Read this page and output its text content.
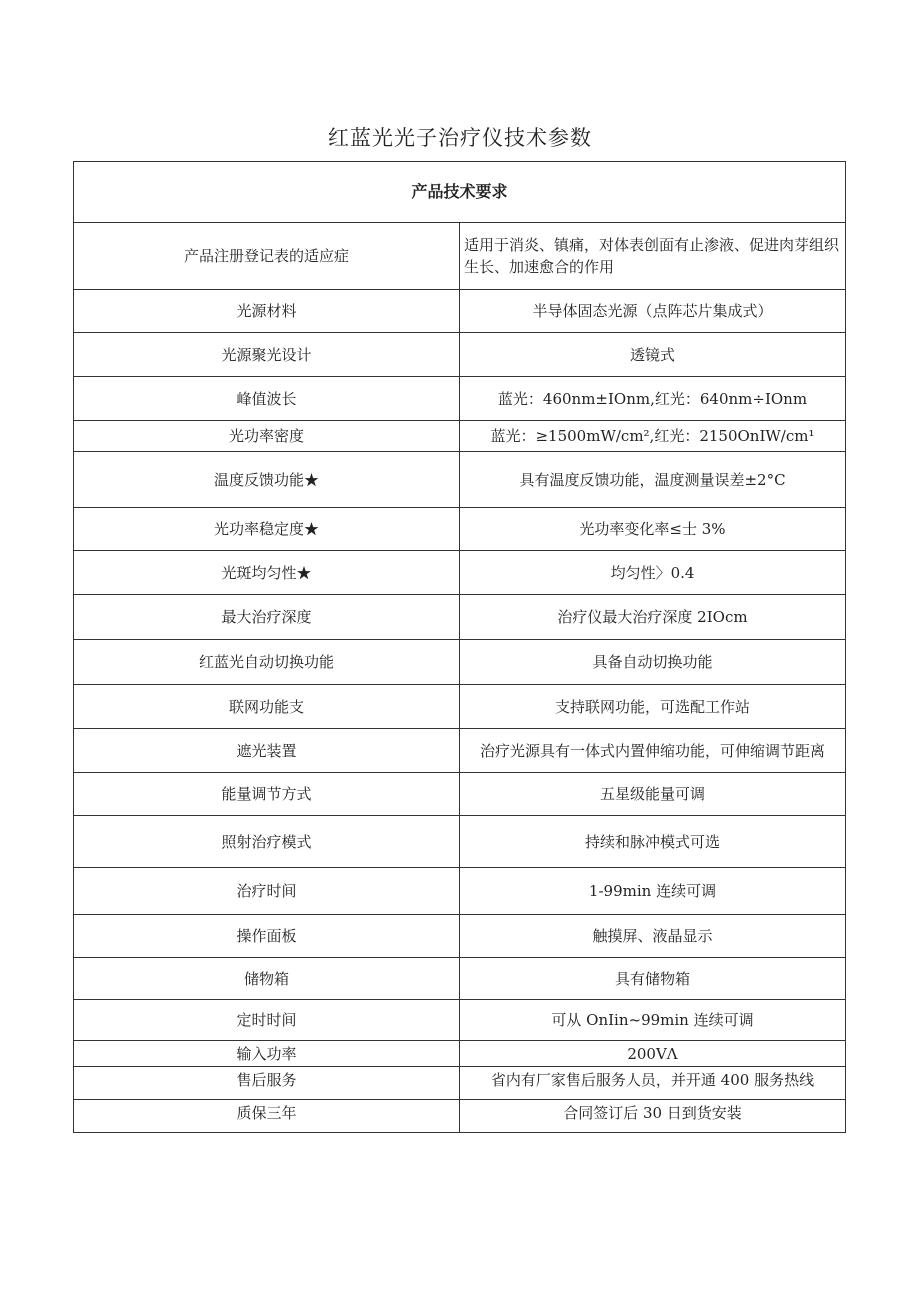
红蓝光光子治疗仪技术参数
产品技术要求	
产品注册登记表的适应症	适用于消炎、镇痛，对体表创面有止渗液、促进肉芽组织生长、加速愈合的作用
光源材料	半导体固态光源（点阵芯片集成式）
光源聚光设计	透镜式
峰值波长	蓝光：460nm±IOnm,红光：640nm÷IOnm
光功率密度	蓝光：≥1500mW/cm²,红光：2150OnIW/cm¹
温度反馈功能★	具有温度反馈功能，温度测量误差±2°C
光功率稳定度★	光功率变化率≤士 3%
光斑均匀性★	均匀性〉0.4
最大治疗深度	治疗仪最大治疗深度 2IOcm
红蓝光自动切换功能	具备自动切换功能
联网功能支	支持联网功能，可选配工作站
遮光装置	治疗光源具有一体式内置伸缩功能，可伸缩调节距离
能量调节方式	五星级能量可调
照射治疗模式	持续和脉冲模式可选
治疗时间	1-99min 连续可调
操作面板	触摸屏、液晶显示
储物箱	具有储物箱
定时时间	可从 OnIin~99min 连续可调
输入功率	200VΛ
售后服务	省内有厂家售后服务人员，并开通 400 服务热线
质保三年	合同签订后 30 日到货安装
